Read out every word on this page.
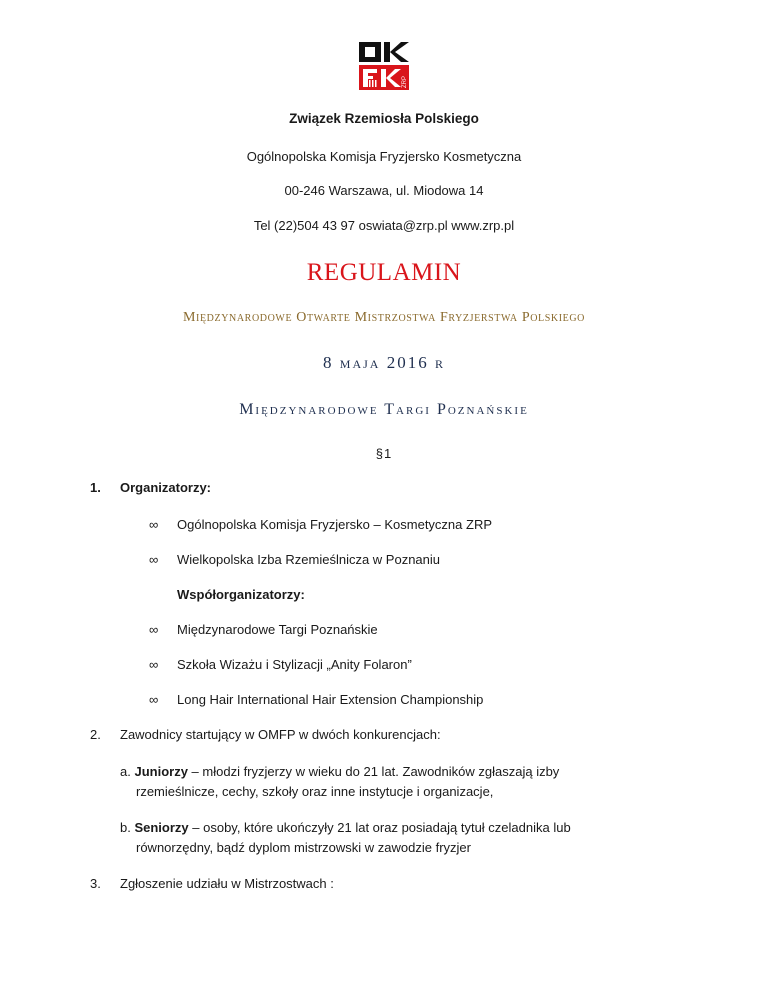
ZRP
Związek Rzemiosła Polskiego
Ogólnopolska Komisja Fryzjersko Kosmetyczna
00-246 Warszawa, ul. Miodowa 14
Tel (22)504 43 97 oswiata@zrp.pl www.zrp.pl
REGULAMIN
Międzynarodowe Otwarte Mistrzostwa Fryzjerstwa Polskiego
8 maja 2016 r
Międzynarodowe Targi Poznańskie
§1
1. Organizatorzy:
∞ Ogólnopolska Komisja Fryzjersko – Kosmetyczna ZRP
∞ Wielkopolska Izba Rzemieślnicza w Poznaniu
Współorganizatorzy:
∞ Międzynarodowe Targi Poznańskie
∞ Szkoła Wizażu i Stylizacji „Anity Folaron”
∞ Long Hair International Hair Extension Championship
2. Zawodnicy startujący w OMFP w dwóch konkurencjach:
a. Juniorzy – młodzi fryzjerzy w wieku do 21 lat. Zawodników zgłaszają izby
rzemieślnicze, cechy, szkoły oraz inne instytucje i organizacje,
b. Seniorzy – osoby, które ukończyły 21 lat oraz posiadają tytuł czeladnika lub
równorzędny, bądź dyplom mistrzowski w zawodzie fryzjer
3. Zgłoszenie udziału w Mistrzostwach :
